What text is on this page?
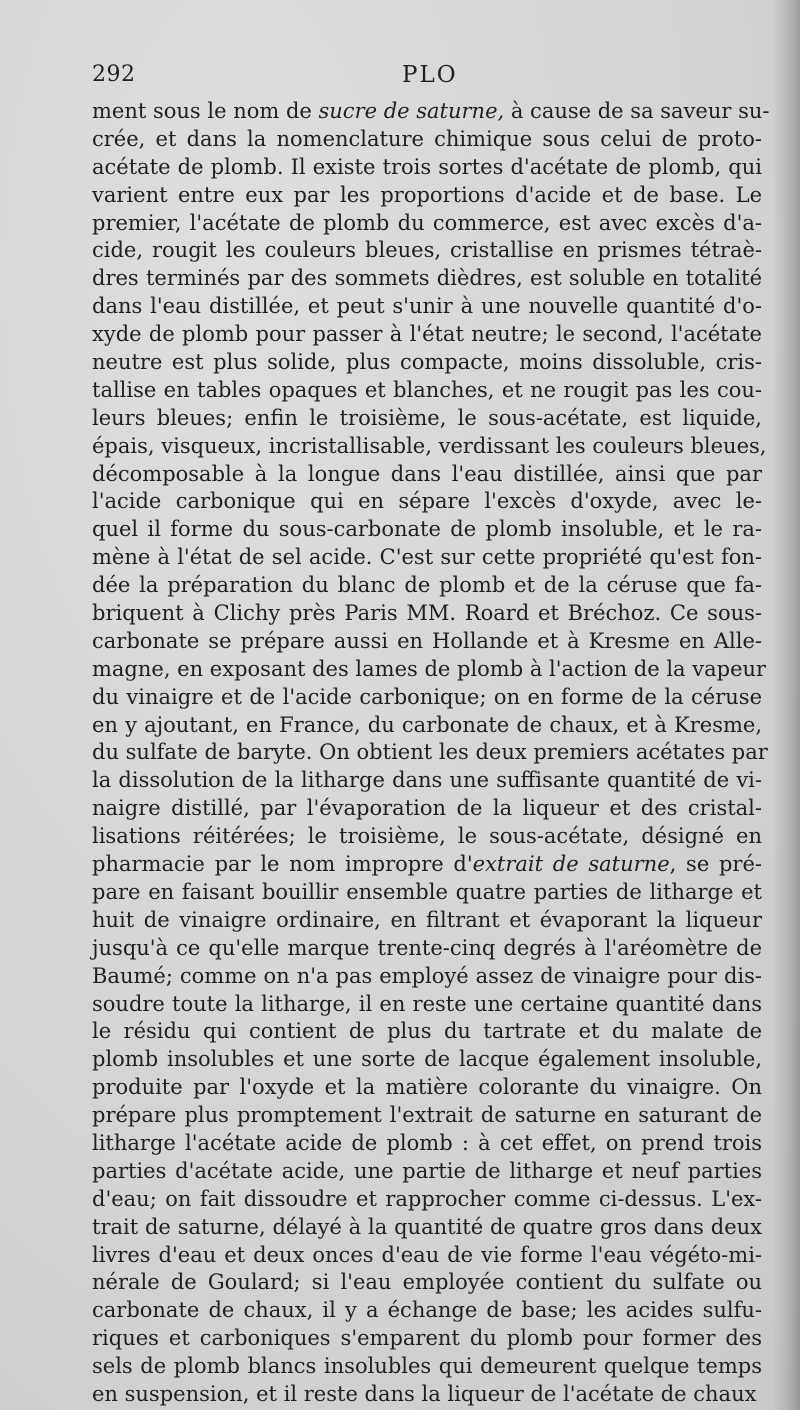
292	PLO
ment sous le nom de sucre de saturne, à cause de sa saveur su-
crée, et dans la nomenclature chimique sous celui de proto-
acétate de plomb. Il existe trois sortes d'acétate de plomb, qui
varient entre eux par les proportions d'acide et de base. Le
premier, l'acétate de plomb du commerce, est avec excès d'a-
cide, rougit les couleurs bleues, cristallise en prismes tétraè-
dres terminés par des sommets dièdres, est soluble en totalité
dans l'eau distillée, et peut s'unir à une nouvelle quantité d'o-
xyde de plomb pour passer à l'état neutre; le second, l'acétate
neutre est plus solide, plus compacte, moins dissoluble, cris-
tallise en tables opaques et blanches, et ne rougit pas les cou-
leurs bleues; enfin le troisième, le sous-acétate, est liquide,
épais, visqueux, incristallisable, verdissant les couleurs bleues,
décomposable à la longue dans l'eau distillée, ainsi que par
l'acide carbonique qui en sépare l'excès d'oxyde, avec le-
quel il forme du sous-carbonate de plomb insoluble, et le ra-
mène à l'état de sel acide. C'est sur cette propriété qu'est fon-
dée la préparation du blanc de plomb et de la céruse que fa-
briquent à Clichy près Paris MM. Roard et Bréchoz. Ce sous-
carbonate se prépare aussi en Hollande et à Kresme en Alle-
magne, en exposant des lames de plomb à l'action de la vapeur
du vinaigre et de l'acide carbonique; on en forme de la céruse
en y ajoutant, en France, du carbonate de chaux, et à Kresme,
du sulfate de baryte. On obtient les deux premiers acétates par
la dissolution de la litharge dans une suffisante quantité de vi-
naigre distillé, par l'évaporation de la liqueur et des cristal-
lisations réitérées; le troisième, le sous-acétate, désigné en
pharmacie par le nom impropre d'extrait de saturne, se pré-
pare en faisant bouillir ensemble quatre parties de litharge et
huit de vinaigre ordinaire, en filtrant et évaporant la liqueur
jusqu'à ce qu'elle marque trente-cinq degrés à l'aréomètre de
Baumé; comme on n'a pas employé assez de vinaigre pour dis-
soudre toute la litharge, il en reste une certaine quantité dans
le résidu qui contient de plus du tartrate et du malate de
plomb insolubles et une sorte de lacque également insoluble,
produite par l'oxyde et la matière colorante du vinaigre. On
prépare plus promptement l'extrait de saturne en saturant de
litharge l'acétate acide de plomb : à cet effet, on prend trois
parties d'acétate acide, une partie de litharge et neuf parties
d'eau; on fait dissoudre et rapprocher comme ci-dessus. L'ex-
trait de saturne, délayé à la quantité de quatre gros dans deux
livres d'eau et deux onces d'eau de vie forme l'eau végéto-mi-
nérale de Goulard; si l'eau employée contient du sulfate ou
carbonate de chaux, il y a échange de base; les acides sulfu-
riques et carboniques s'emparent du plomb pour former des
sels de plomb blancs insolubles qui demeurent quelque temps
en suspension, et il reste dans la liqueur de l'acétate de chaux
